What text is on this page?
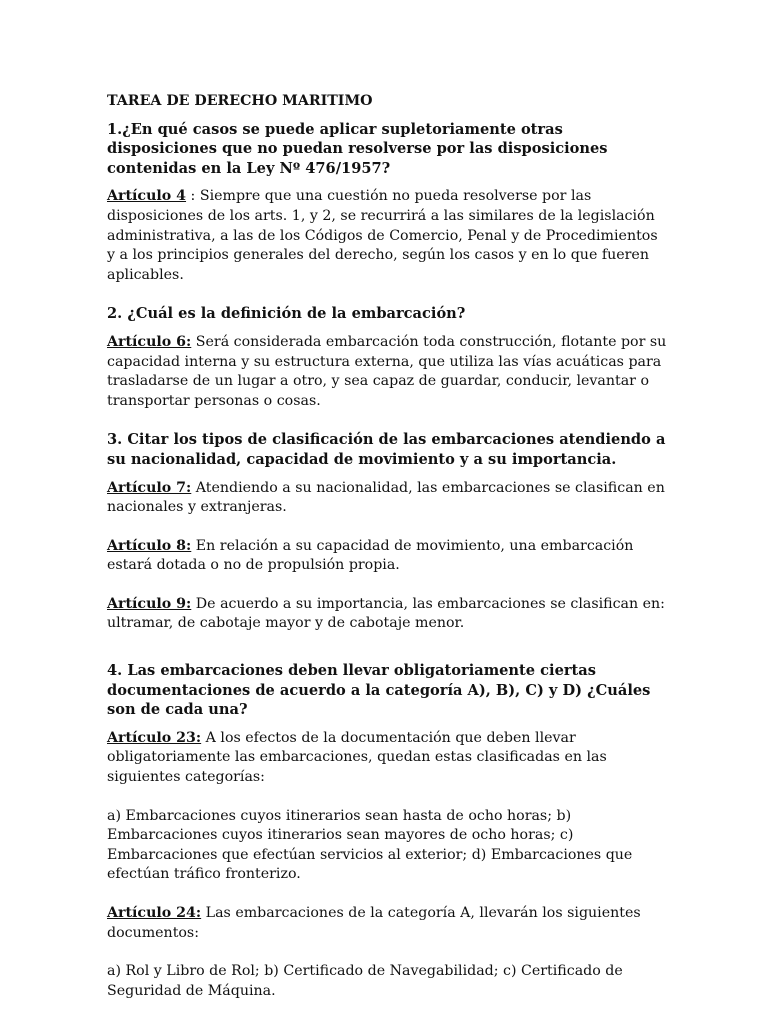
TAREA DE DERECHO MARITIMO

1.¿En qué casos se puede aplicar supletoriamente otras disposiciones que no puedan resolverse por las disposiciones contenidas en la Ley Nº 476/1957?

Artículo 4 : Siempre que una cuestión no pueda resolverse por las disposiciones de los arts. 1, y 2, se recurrirá a las similares de la legislación administrativa, a las de los Códigos de Comercio, Penal y de Procedimientos y a los principios generales del derecho, según los casos y en lo que fueren aplicables.

2. ¿Cuál es la definición de la embarcación?

Artículo 6: Será considerada embarcación toda construcción, flotante por su capacidad interna y su estructura externa, que utiliza las vías acuáticas para trasladarse de un lugar a otro, y sea capaz de guardar, conducir, levantar o transportar personas o cosas.

3. Citar los tipos de clasificación de las embarcaciones atendiendo a su nacionalidad, capacidad de movimiento y a su importancia.

Artículo 7: Atendiendo a su nacionalidad, las embarcaciones se clasifican en nacionales y extranjeras.

Artículo 8: En relación a su capacidad de movimiento, una embarcación estará dotada o no de propulsión propia.

Artículo 9: De acuerdo a su importancia, las embarcaciones se clasifican en: ultramar, de cabotaje mayor y de cabotaje menor.

4. Las embarcaciones deben llevar obligatoriamente ciertas documentaciones de acuerdo a la categoría A), B), C) y D) ¿Cuáles son de cada una?

Artículo 23: A los efectos de la documentación que deben llevar obligatoriamente las embarcaciones, quedan estas clasificadas en las siguientes categorías:

a) Embarcaciones cuyos itinerarios sean hasta de ocho horas; b) Embarcaciones cuyos itinerarios sean mayores de ocho horas; c) Embarcaciones que efectúan servicios al exterior; d) Embarcaciones que efectúan tráfico fronterizo.

Artículo 24: Las embarcaciones de la categoría A, llevarán los siguientes documentos:

a) Rol y Libro de Rol; b) Certificado de Navegabilidad; c) Certificado de Seguridad de Máquina.
